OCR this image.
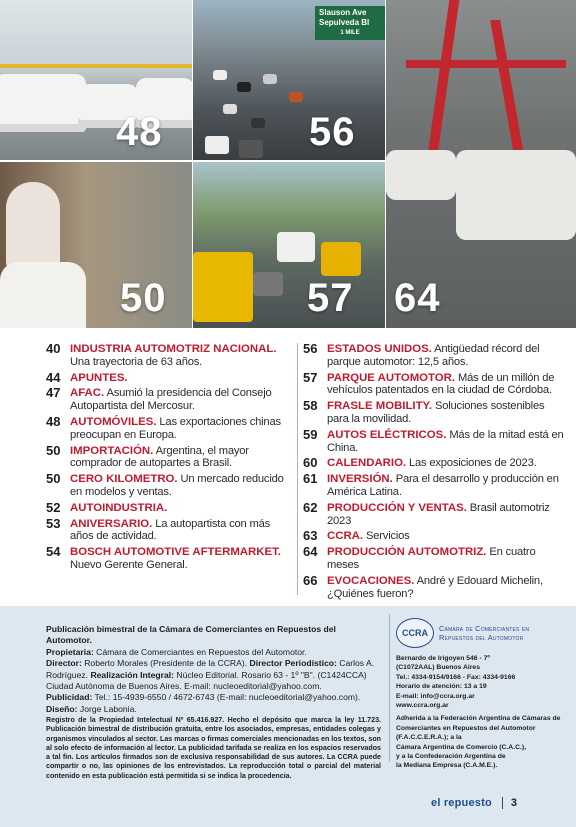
48
Slauson Ave
Sepulveda Bl
1 MILE
56
64
50	57
40 INDUSTRIA AUTOMOTRIZ NACIONAL. Una trayectoria de 63 años.
44 APUNTES.
47 AFAC. Asumió la presidencia del Consejo Autopartista del Mercosur.
48 AUTOMÓVILES. Las exportaciones chinas preocupan en Europa.
50 IMPORTACIÓN. Argentina, el mayor comprador de autopartes a Brasil.
50 CERO KILOMETRO. Un mercado reducido en modelos y ventas.
52 AUTOINDUSTRIA.
53 ANIVERSARIO. La autopartista con más años de actividad.
54 BOSCH AUTOMOTIVE AFTERMARKET. Nuevo Gerente General.
56 ESTADOS UNIDOS. Antigüedad récord del parque automotor: 12,5 años.
57 PARQUE AUTOMOTOR. Más de un millón de vehículos patentados en la ciudad de Córdoba.
58 FRASLE MOBILITY. Soluciones sostenibles para la movilidad.
59 AUTOS ELÉCTRICOS. Más de la mitad está en China.
60 CALENDARIO. Las exposiciones de 2023.
61 INVERSIÓN. Para el desarrollo y producción en América Latina.
62 PRODUCCIÓN Y VENTAS. Brasil automotriz 2023
63 CCRA. Servicios
64 PRODUCCIÓN AUTOMOTRIZ. En cuatro meses
66 EVOCACIONES. André y Edouard Michelin, ¿Quiénes fueron?
Publicación bimestral de la Cámara de Comerciantes en Repuestos del Automotor.
Propietaria: Cámara de Comerciantes en Repuestos del Automotor.
Director: Roberto Morales (Presidente de la CCRA). Director Periodístico: Carlos A. Rodríguez. Realización Integral: Núcleo Editorial. Rosario 63 - 1º "B". (C1424CCA) Ciudad Autónoma de Buenos Aires. E-mail: nucleoeditorial@yahoo.com.
Publicidad: Tel.: 15-4939-6550 / 4672-6743 (E-mail: nucleoeditorial@yahoo.com).
Diseño: Jorge Labonia.
Registro de la Propiedad Intelectual Nº 65.416.927. Hecho el depósito que marca la ley 11.723. Publicación bimestral de distribución gratuita, entre los asociados, empresas, entidades colegas y organismos vinculados al sector. Las marcas o firmas comerciales mencionadas en los textos, son al solo efecto de información al lector. La publicidad tarifada se realiza en los espacios reservados a tal fin. Los artículos firmados son de exclusiva responsabilidad de sus autores. La CCRA puede compartir o no, las opiniones de los entrevistados. La reproducción total o parcial del material contenido en esta publicación está permitida si se indica la procedencia.
CCRA	Cámara de Comerciantes en
Repuestos del Automotor
Bernardo de Irigoyen 546 - 7º
(C1072AAL) Buenos Aires
Tel.: 4334-9154/9166 - Fax: 4334-9166
Horario de atención: 13 a 19
E-mail: info@ccra.org.ar
www.ccra.org.ar
Adherida a la Federación Argentina de Cámaras de Comerciantes en Repuestos del Automotor (F.A.C.C.E.R.A.); a la
Cámara Argentina de Comercio (C.A.C.),
y a la Confederación Argentina de
la Mediana Empresa (C.A.M.E.).
el repuesto 3
